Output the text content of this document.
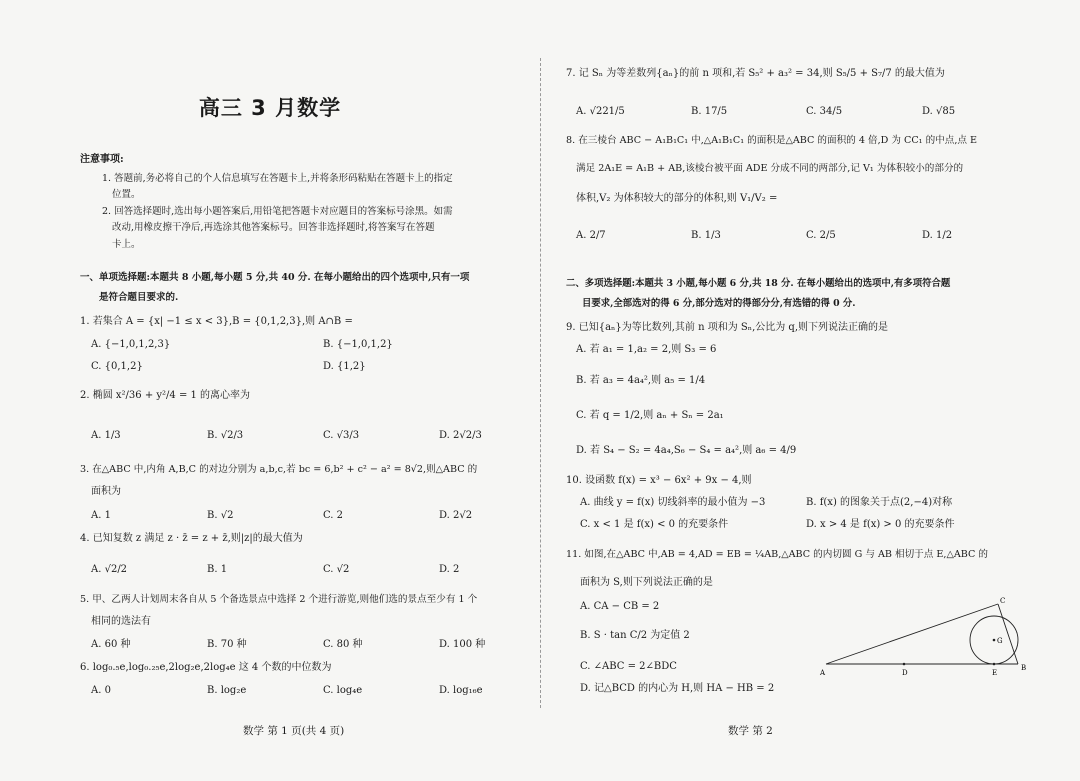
高三 3 月数学
注意事项:
1. 答题前,务必将自己的个人信息填写在答题卡上,并将条形码粘贴在答题卡上的指定
位置。
2. 回答选择题时,选出每小题答案后,用铅笔把答题卡对应题目的答案标号涂黑。如需
改动,用橡皮擦干净后,再选涂其他答案标号。回答非选择题时,将答案写在答题
卡上。
一、单项选择题:本题共 8 小题,每小题 5 分,共 40 分. 在每小题给出的四个选项中,只有一项
是符合题目要求的.
1. 若集合 A = {x| −1 ≤ x < 3},B = {0,1,2,3},则 A∩B =
A. {−1,0,1,2,3}	B. {−1,0,1,2}
C. {0,1,2}	D. {1,2}
2. 椭圆 x²/36 + y²/4 = 1 的离心率为
A. 1/3	B. √2/3	C. √3/3	D. 2√2/3
3. 在△ABC 中,内角 A,B,C 的对边分别为 a,b,c,若 bc = 6,b² + c² − a² = 8√2,则△ABC 的
面积为
A. 1	B. √2	C. 2	D. 2√2
4. 已知复数 z 满足 z · z̄ = z + z̄,则|z|的最大值为
A. √2/2	B. 1	C. √2	D. 2
5. 甲、乙两人计划周末各自从 5 个备选景点中选择 2 个进行游览,则他们选的景点至少有 1 个
相同的选法有
A. 60 种	B. 70 种	C. 80 种	D. 100 种
6. log₀.₅e,log₀.₂₅e,2log₂e,2log₄e 这 4 个数的中位数为
A. 0	B. log₂e	C. log₄e	D. log₁₆e
数学 第 1 页(共 4 页)
7. 记 Sₙ 为等差数列{aₙ}的前 n 项和,若 S₅² + a₃² = 34,则 S₅/5 + S₇/7 的最大值为
A. √221/5	B. 17/5	C. 34/5	D. √85
8. 在三棱台 ABC − A₁B₁C₁ 中,△A₁B₁C₁ 的面积是△ABC 的面积的 4 倍,D 为 CC₁ 的中点,点 E
满足 2A₁E = A₁B + AB,该棱台被平面 ADE 分成不同的两部分,记 V₁ 为体积较小的部分的
体积,V₂ 为体积较大的部分的体积,则 V₁/V₂ =
A. 2/7	B. 1/3	C. 2/5	D. 1/2
二、多项选择题:本题共 3 小题,每小题 6 分,共 18 分. 在每小题给出的选项中,有多项符合题
目要求,全部选对的得 6 分,部分选对的得部分分,有选错的得 0 分.
9. 已知{aₙ}为等比数列,其前 n 项和为 Sₙ,公比为 q,则下列说法正确的是
A. 若 a₁ = 1,a₂ = 2,则 S₃ = 6
B. 若 a₃ = 4a₄²,则 a₅ = 1/4
C. 若 q = 1/2,则 aₙ + Sₙ = 2a₁
D. 若 S₄ − S₂ = 4a₄,S₆ − S₄ = a₄²,则 a₆ = 4/9
10. 设函数 f(x) = x³ − 6x² + 9x − 4,则
A. 曲线 y = f(x) 切线斜率的最小值为 −3	B. f(x) 的图象关于点(2,−4)对称
C. x < 1 是 f(x) < 0 的充要条件	D. x > 4 是 f(x) > 0 的充要条件
11. 如图,在△ABC 中,AB = 4,AD = EB = ¼AB,△ABC 的内切圆 G 与 AB 相切于点 E,△ABC 的
面积为 S,则下列说法正确的是
A. CA − CB = 2
B. S · tan C/2 为定值 2
C. ∠ABC = 2∠BDC
D. 记△BCD 的内心为 H,则 HA − HB = 2
A
B
C
D	E
G
数学 第 2
